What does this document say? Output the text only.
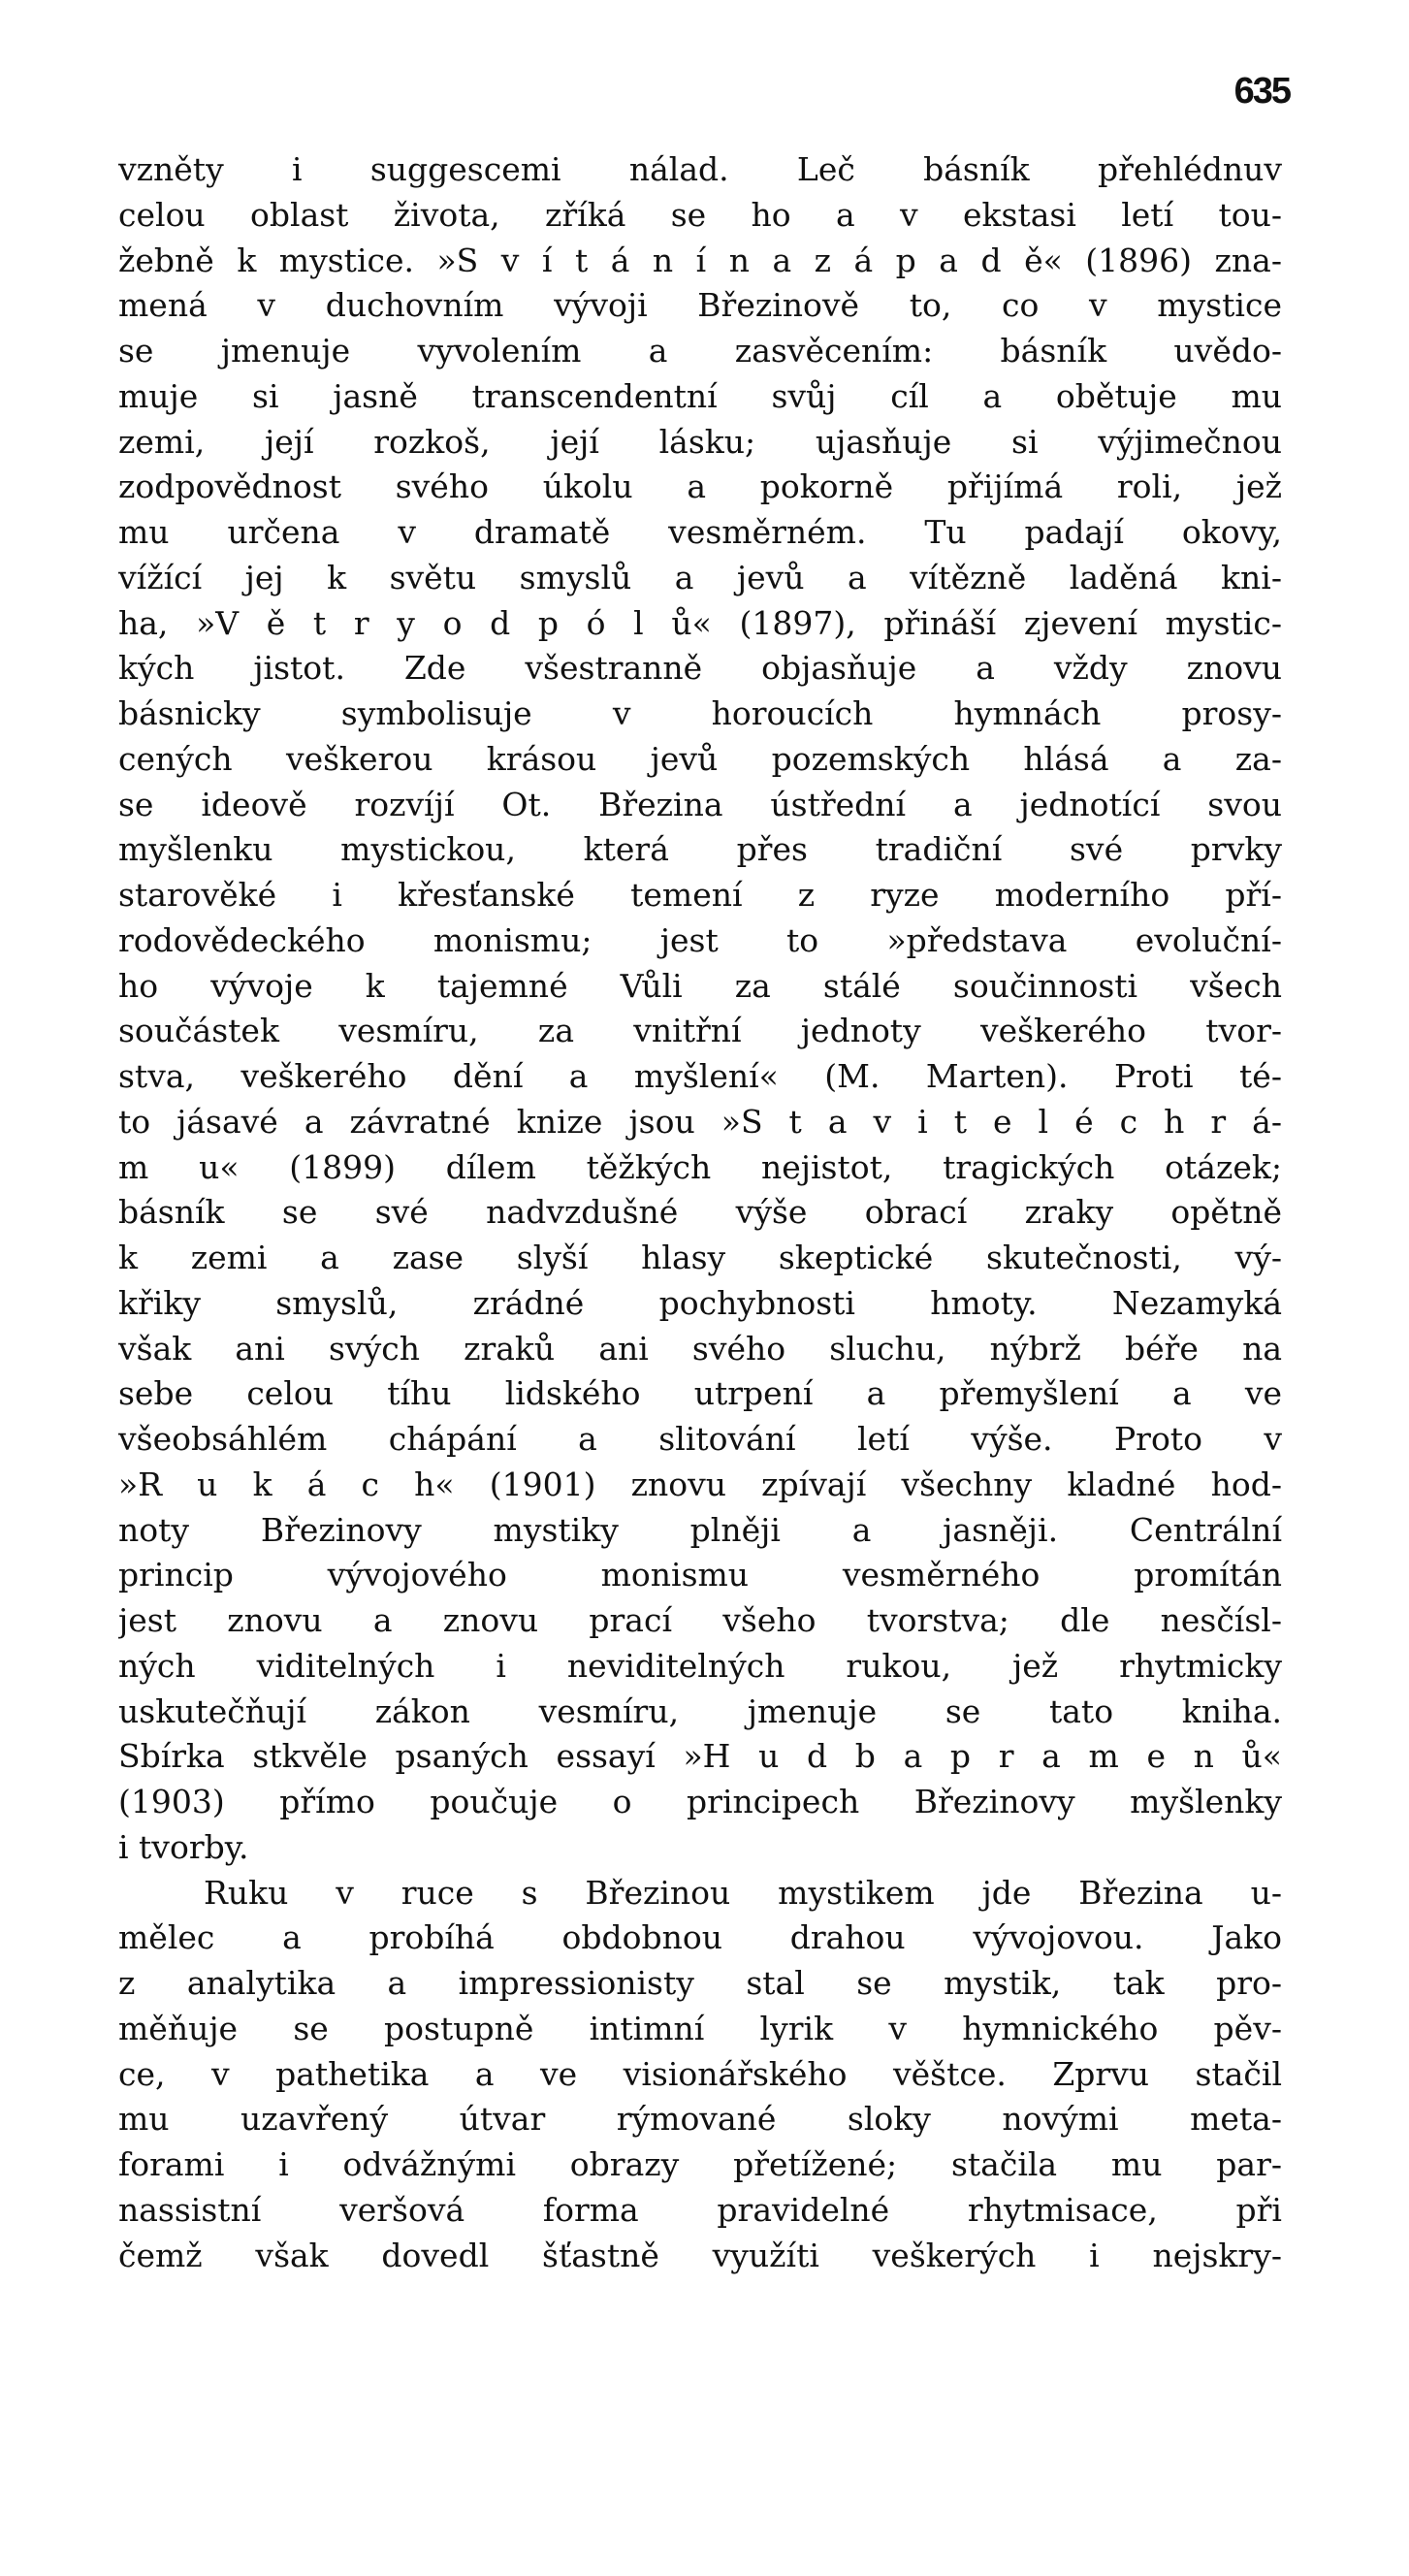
635
vzněty i suggescemi nálad. Leč básník přehlédnuv
celou oblast života, zříká se ho a v ekstasi letí tou-
žebně k mystice. »S v í t á n í n a z á p a d ě« (1896) zna-
mená v duchovním vývoji Březinově to, co v mystice
se jmenuje vyvolením a zasvěcením: básník uvědo-
muje si jasně transcendentní svůj cíl a obětuje mu
zemi, její rozkoš, její lásku; ujasňuje si výjimečnou
zodpovědnost svého úkolu a pokorně přijímá roli, jež
mu určena v dramatě vesměrném. Tu padají okovy,
vížící jej k světu smyslů a jevů a vítězně laděná kni-
ha, »V ě t r y o d p ó l ů« (1897), přináší zjevení mystic-
kých jistot. Zde všestranně objasňuje a vždy znovu
básnicky symbolisuje v horoucích hymnách prosy-
cených veškerou krásou jevů pozemských hlásá a za-
se ideově rozvíjí Ot. Březina ústřední a jednotící svou
myšlenku mystickou, která přes tradiční své prvky
starověké i křesťanské temení z ryze moderního pří-
rodovědeckého monismu; jest to »představa evoluční-
ho vývoje k tajemné Vůli za stálé součinnosti všech
součástek vesmíru, za vnitřní jednoty veškerého tvor-
stva, veškerého dění a myšlení« (M. Marten). Proti té-
to jásavé a závratné knize jsou »S t a v i t e l é c h r á-
m u« (1899) dílem těžkých nejistot, tragických otázek;
básník se své nadvzdušné výše obrací zraky opětně
k zemi a zase slyší hlasy skeptické skutečnosti, vý-
křiky smyslů, zrádné pochybnosti hmoty. Nezamyká
však ani svých zraků ani svého sluchu, nýbrž béře na
sebe celou tíhu lidského utrpení a přemyšlení a ve
všeobsáhlém chápání a slitování letí výše. Proto v
»R u k á c h« (1901) znovu zpívají všechny kladné hod-
noty Březinovy mystiky plněji a jasněji. Centrální
princip vývojového monismu vesměrného promítán
jest znovu a znovu prací všeho tvorstva; dle nesčísl-
ných viditelných i neviditelných rukou, jež rhytmicky
uskutečňují zákon vesmíru, jmenuje se tato kniha.
Sbírka stkvěle psaných essayí »H u d b a p r a m e n ů«
(1903) přímo poučuje o principech Březinovy myšlenky
i tvorby.
Ruku v ruce s Březinou mystikem jde Březina u-
mělec a probíhá obdobnou drahou vývojovou. Jako
z analytika a impressionisty stal se mystik, tak pro-
měňuje se postupně intimní lyrik v hymnického pěv-
ce, v pathetika a ve visionářského věštce. Zprvu stačil
mu uzavřený útvar rýmované sloky novými meta-
forami i odvážnými obrazy přetížené; stačila mu par-
nassistní veršová forma pravidelné rhytmisace, při
čemž však dovedl šťastně využíti veškerých i nejskry-
